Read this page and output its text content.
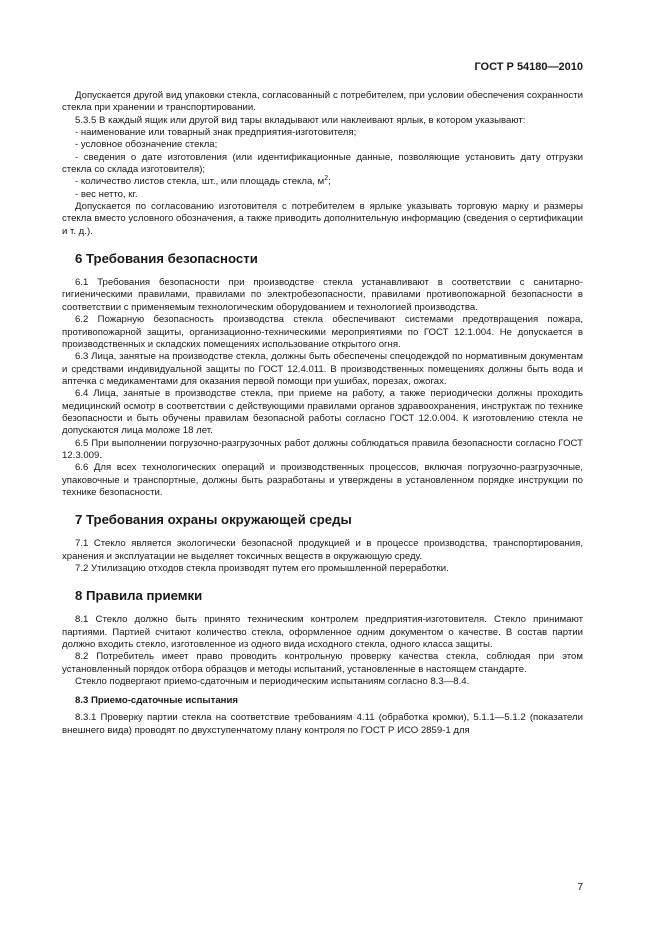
ГОСТ Р 54180—2010

Допускается другой вид упаковки стекла, согласованный с потребителем, при условии обеспечения сохранности стекла при хранении и транспортировании.

5.3.5 В каждый ящик или другой вид тары вкладывают или наклеивают ярлык, в котором указывают:

- наименование или товарный знак предприятия-изготовителя;

- условное обозначение стекла;

- сведения о дате изготовления (или идентификационные данные, позволяющие установить дату отгрузки стекла со склада изготовителя);

- количество листов стекла, шт., или площадь стекла, $м^2$;

- вес нетто, кг.

Допускается по согласованию изготовителя с потребителем в ярлыке указывать торговую марку и размеры стекла вместо условного обозначения, а также приводить дополнительную информацию (сведения о сертификации и т. д.).

6 Требования безопасности

6.1 Требования безопасности при производстве стекла устанавливают в соответствии с санитарно-гигиеническими правилами, правилами по электробезопасности, правилами противопожарной безопасности в соответствии с применяемым технологическим оборудованием и технологией производства.

6.2 Пожарную безопасность производства стекла обеспечивают системами предотвращения пожара, противопожарной защиты, организационно-техническими мероприятиями по ГОСТ 12.1.004. Не допускается в производственных и складских помещениях использование открытого огня.

6.3 Лица, занятые на производстве стекла, должны быть обеспечены спецодеждой по нормативным документам и средствами индивидуальной защиты по ГОСТ 12.4.011. В производственных помещениях должны быть вода и аптечка с медикаментами для оказания первой помощи при ушибах, порезах, ожогах.

6.4 Лица, занятые в производстве стекла, при приеме на работу, а также периодически должны проходить медицинский осмотр в соответствии с действующими правилами органов здравоохранения, инструктаж по технике безопасности и быть обучены правилам безопасной работы согласно ГОСТ 12.0.004. К изготовлению стекла не допускаются лица моложе 18 лет.

6.5 При выполнении погрузочно-разгрузочных работ должны соблюдаться правила безопасности согласно ГОСТ 12.3.009.

6.6 Для всех технологических операций и производственных процессов, включая погрузочно-разгрузочные, упаковочные и транспортные, должны быть разработаны и утверждены в установленном порядке инструкции по технике безопасности.

7 Требования охраны окружающей среды

7.1 Стекло является экологически безопасной продукцией и в процессе производства, транспортирования, хранения и эксплуатации не выделяет токсичных веществ в окружающую среду.

7.2 Утилизацию отходов стекла производят путем его промышленной переработки.

8 Правила приемки

8.1 Стекло должно быть принято техническим контролем предприятия-изготовителя. Стекло принимают партиями. Партией считают количество стекла, оформленное одним документом о качестве. В состав партии должно входить стекло, изготовленное из одного вида исходного стекла, одного класса защиты.

8.2 Потребитель имеет право проводить контрольную проверку качества стекла, соблюдая при этом установленный порядок отбора образцов и методы испытаний, установленные в настоящем стандарте.

Стекло подвергают приемо-сдаточным и периодическим испытаниям согласно 8.3—8.4.

8.3 Приемо-сдаточные испытания

8.3.1 Проверку партии стекла на соответствие требованиям 4.11 (обработка кромки), 5.1.1—5.1.2 (показатели внешнего вида) проводят по двухступенчатому плану контроля по ГОСТ Р ИСО 2859-1 для

7
